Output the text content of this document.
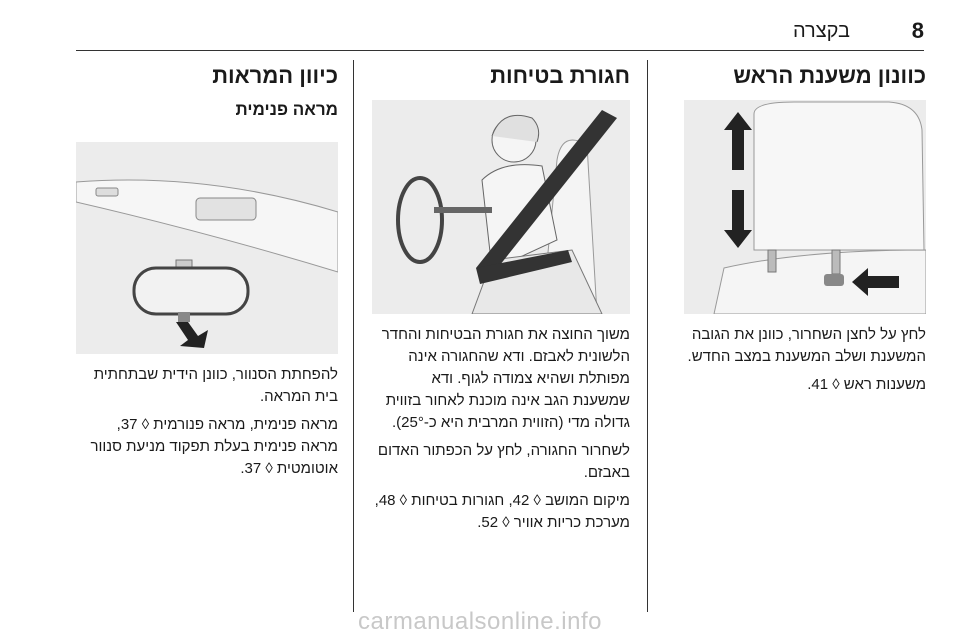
8
בקצרה
כוונון משענת הראש

לחץ על לחצן השחרור, כוונן את הגובה המשענת ושלב המשענת במצב החדש.

משענות ראש ◊ 41.

חגורת בטיחות

משוך החוצה את חגורת הבטיחות והחדר הלשונית לאבזם. ודא שהחגורה אינה מפותלת ושהיא צמודה לגוף. ודא שמשענת הגב אינה מוכנת לאחור בזווית גדולה מדי (הזווית המרבית היא כ-25°).

לשחרור החגורה, לחץ על הכפתור האדום באבזם.

מיקום המושב ◊ 42, חגורות בטיחות ◊ 48, מערכת כריות אוויר ◊ 52.

כיוון המראות
מראה פנימית

להפחתת הסנוור, כוונן הידית שבתחתית בית המראה.

מראה פנימית, מראה פנורמית ◊ 37, מראה פנימית בעלת תפקוד מניעת סנוור אוטומטית ◊ 37.

carmanualsonline.info
